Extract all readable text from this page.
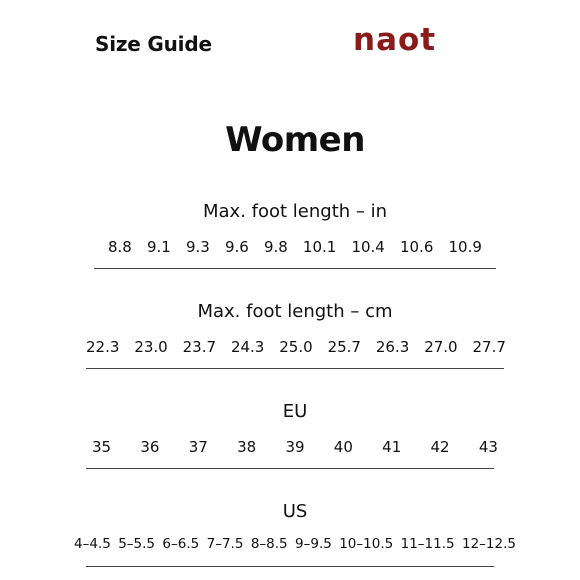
Size Guide	naot
Women
Max. foot length – in
8.8 9.1 9.3 9.6 9.8 10.1 10.4 10.6 10.9
Max. foot length – cm
22.3 23.0 23.7 24.3 25.0 25.7 26.3 27.0 27.7
EU
35 36 37 38 39 40 41 42 43
US
4–4.5 5–5.5 6–6.5 7–7.5 8–8.5 9–9.5 10–10.5 11–11.5 12–12.5
